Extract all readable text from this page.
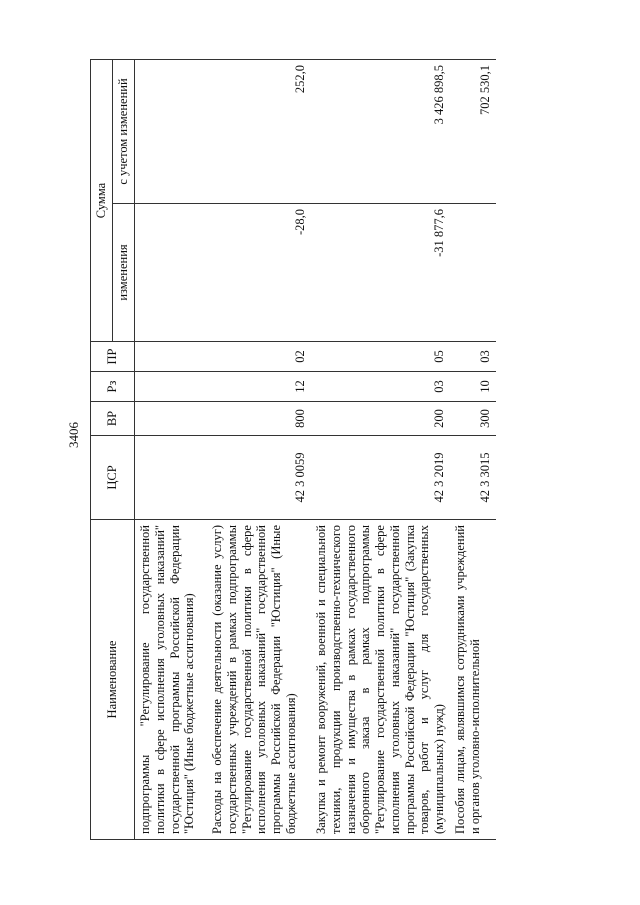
3406
Наименование	ЦСР	ВР	Рз	ПР	Сумма	
					изменения	с учетом изменений
подпрограммы "Регулирование государственной политики в сфере исполнения уголовных наказаний" государственной программы Российской Федерации "Юстиция" (Иные бюджетные ассигнования)						
Расходы на обеспечение деятельности (оказание услуг) государственных учреждений в рамках подпрограммы "Регулирование государственной политики в сфере исполнения уголовных наказаний" государственной программы Российской Федерации "Юстиция" (Иные бюджетные ассигнования)	42 3 0059	800	12	02	-28,0	252,0
Закупка и ремонт вооружений, военной и специальной техники, продукции производственно-технического назначения и имущества в рамках государственного оборонного заказа в рамках подпрограммы "Регулирование государственной политики в сфере исполнения уголовных наказаний" государственной программы Российской Федерации "Юстиция" (Закупка товаров, работ и услуг для государственных (муниципальных) нужд)	42 3 2019	200	03	05	-31 877,6	3 426 898,5
Пособия лицам, являвшимся сотрудниками учреждений и органов уголовно-исполнительной	42 3 3015	300	10	03		702 530,1
